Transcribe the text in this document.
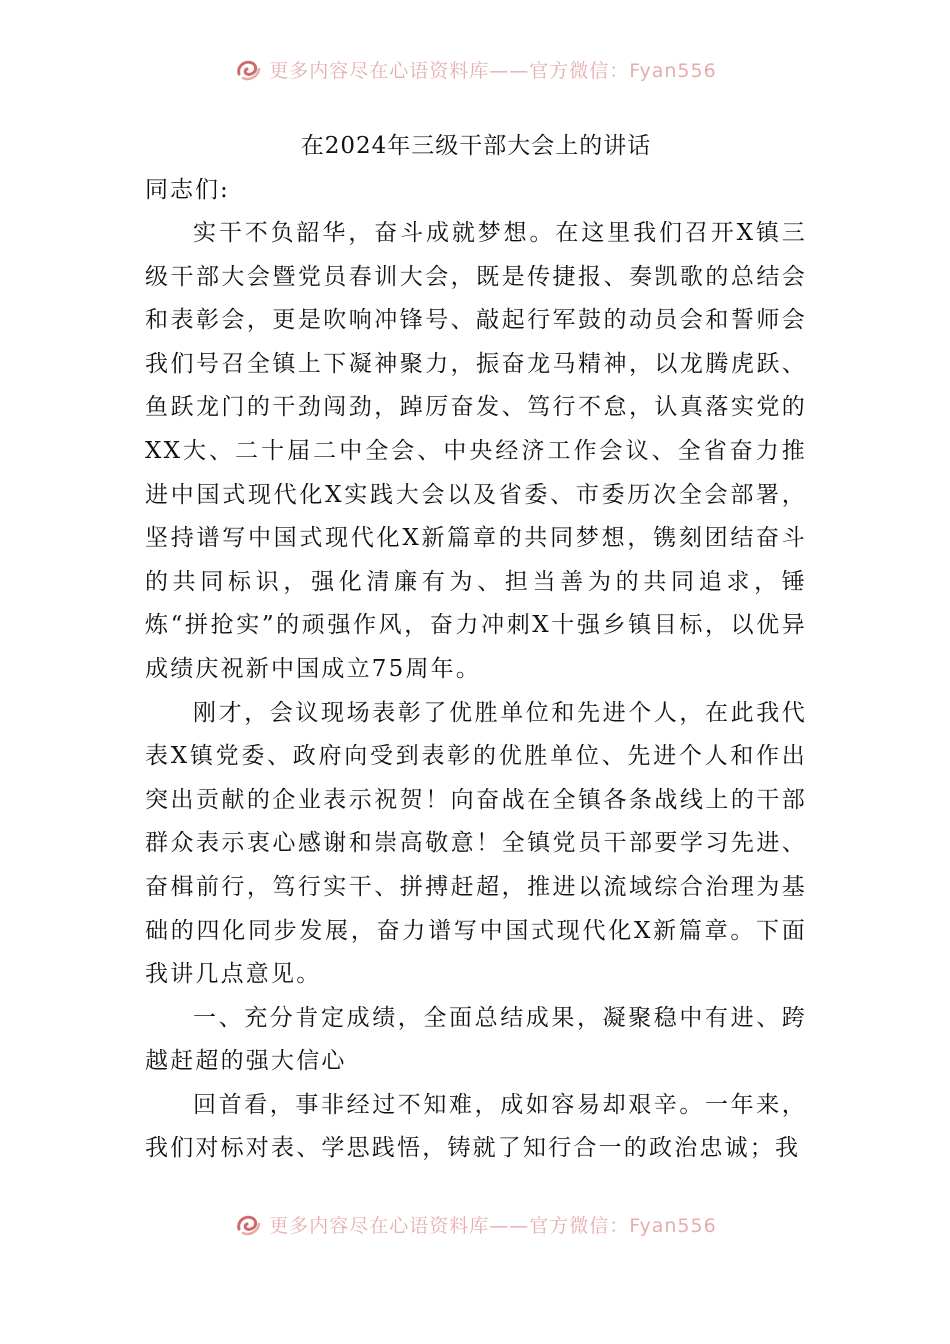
更多内容尽在心语资料库——官方微信：Fyan556
在2024年三级干部大会上的讲话

同志们:

实干不负韶华，奋斗成就梦想。在这里我们召开X镇三级干部大会暨党员春训大会，既是传捷报、奏凯歌的总结会和表彰会，更是吹响冲锋号、敲起行军鼓的动员会和誓师会我们号召全镇上下凝神聚力，振奋龙马精神，以龙腾虎跃、鱼跃龙门的干劲闯劲，踔厉奋发、笃行不怠，认真落实党的XX大、二十届二中全会、中央经济工作会议、全省奋力推进中国式现代化X实践大会以及省委、市委历次全会部署，坚持谱写中国式现代化X新篇章的共同梦想，镌刻团结奋斗的共同标识，强化清廉有为、担当善为的共同追求，锤炼“拼抢实”的顽强作风，奋力冲刺X十强乡镇目标，以优异成绩庆祝新中国成立75周年。

刚才，会议现场表彰了优胜单位和先进个人，在此我代表X镇党委、政府向受到表彰的优胜单位、先进个人和作出突出贡献的企业表示祝贺！向奋战在全镇各条战线上的干部群众表示衷心感谢和崇高敬意！全镇党员干部要学习先进、奋楫前行，笃行实干、拼搏赶超，推进以流域综合治理为基础的四化同步发展，奋力谱写中国式现代化X新篇章。下面我讲几点意见。

一、充分肯定成绩，全面总结成果，凝聚稳中有进、跨越赶超的强大信心

回首看，事非经过不知难，成如容易却艰辛。一年来，我们对标对表、学思践悟，铸就了知行合一的政治忠诚；我

更多内容尽在心语资料库——官方微信：Fyan556
